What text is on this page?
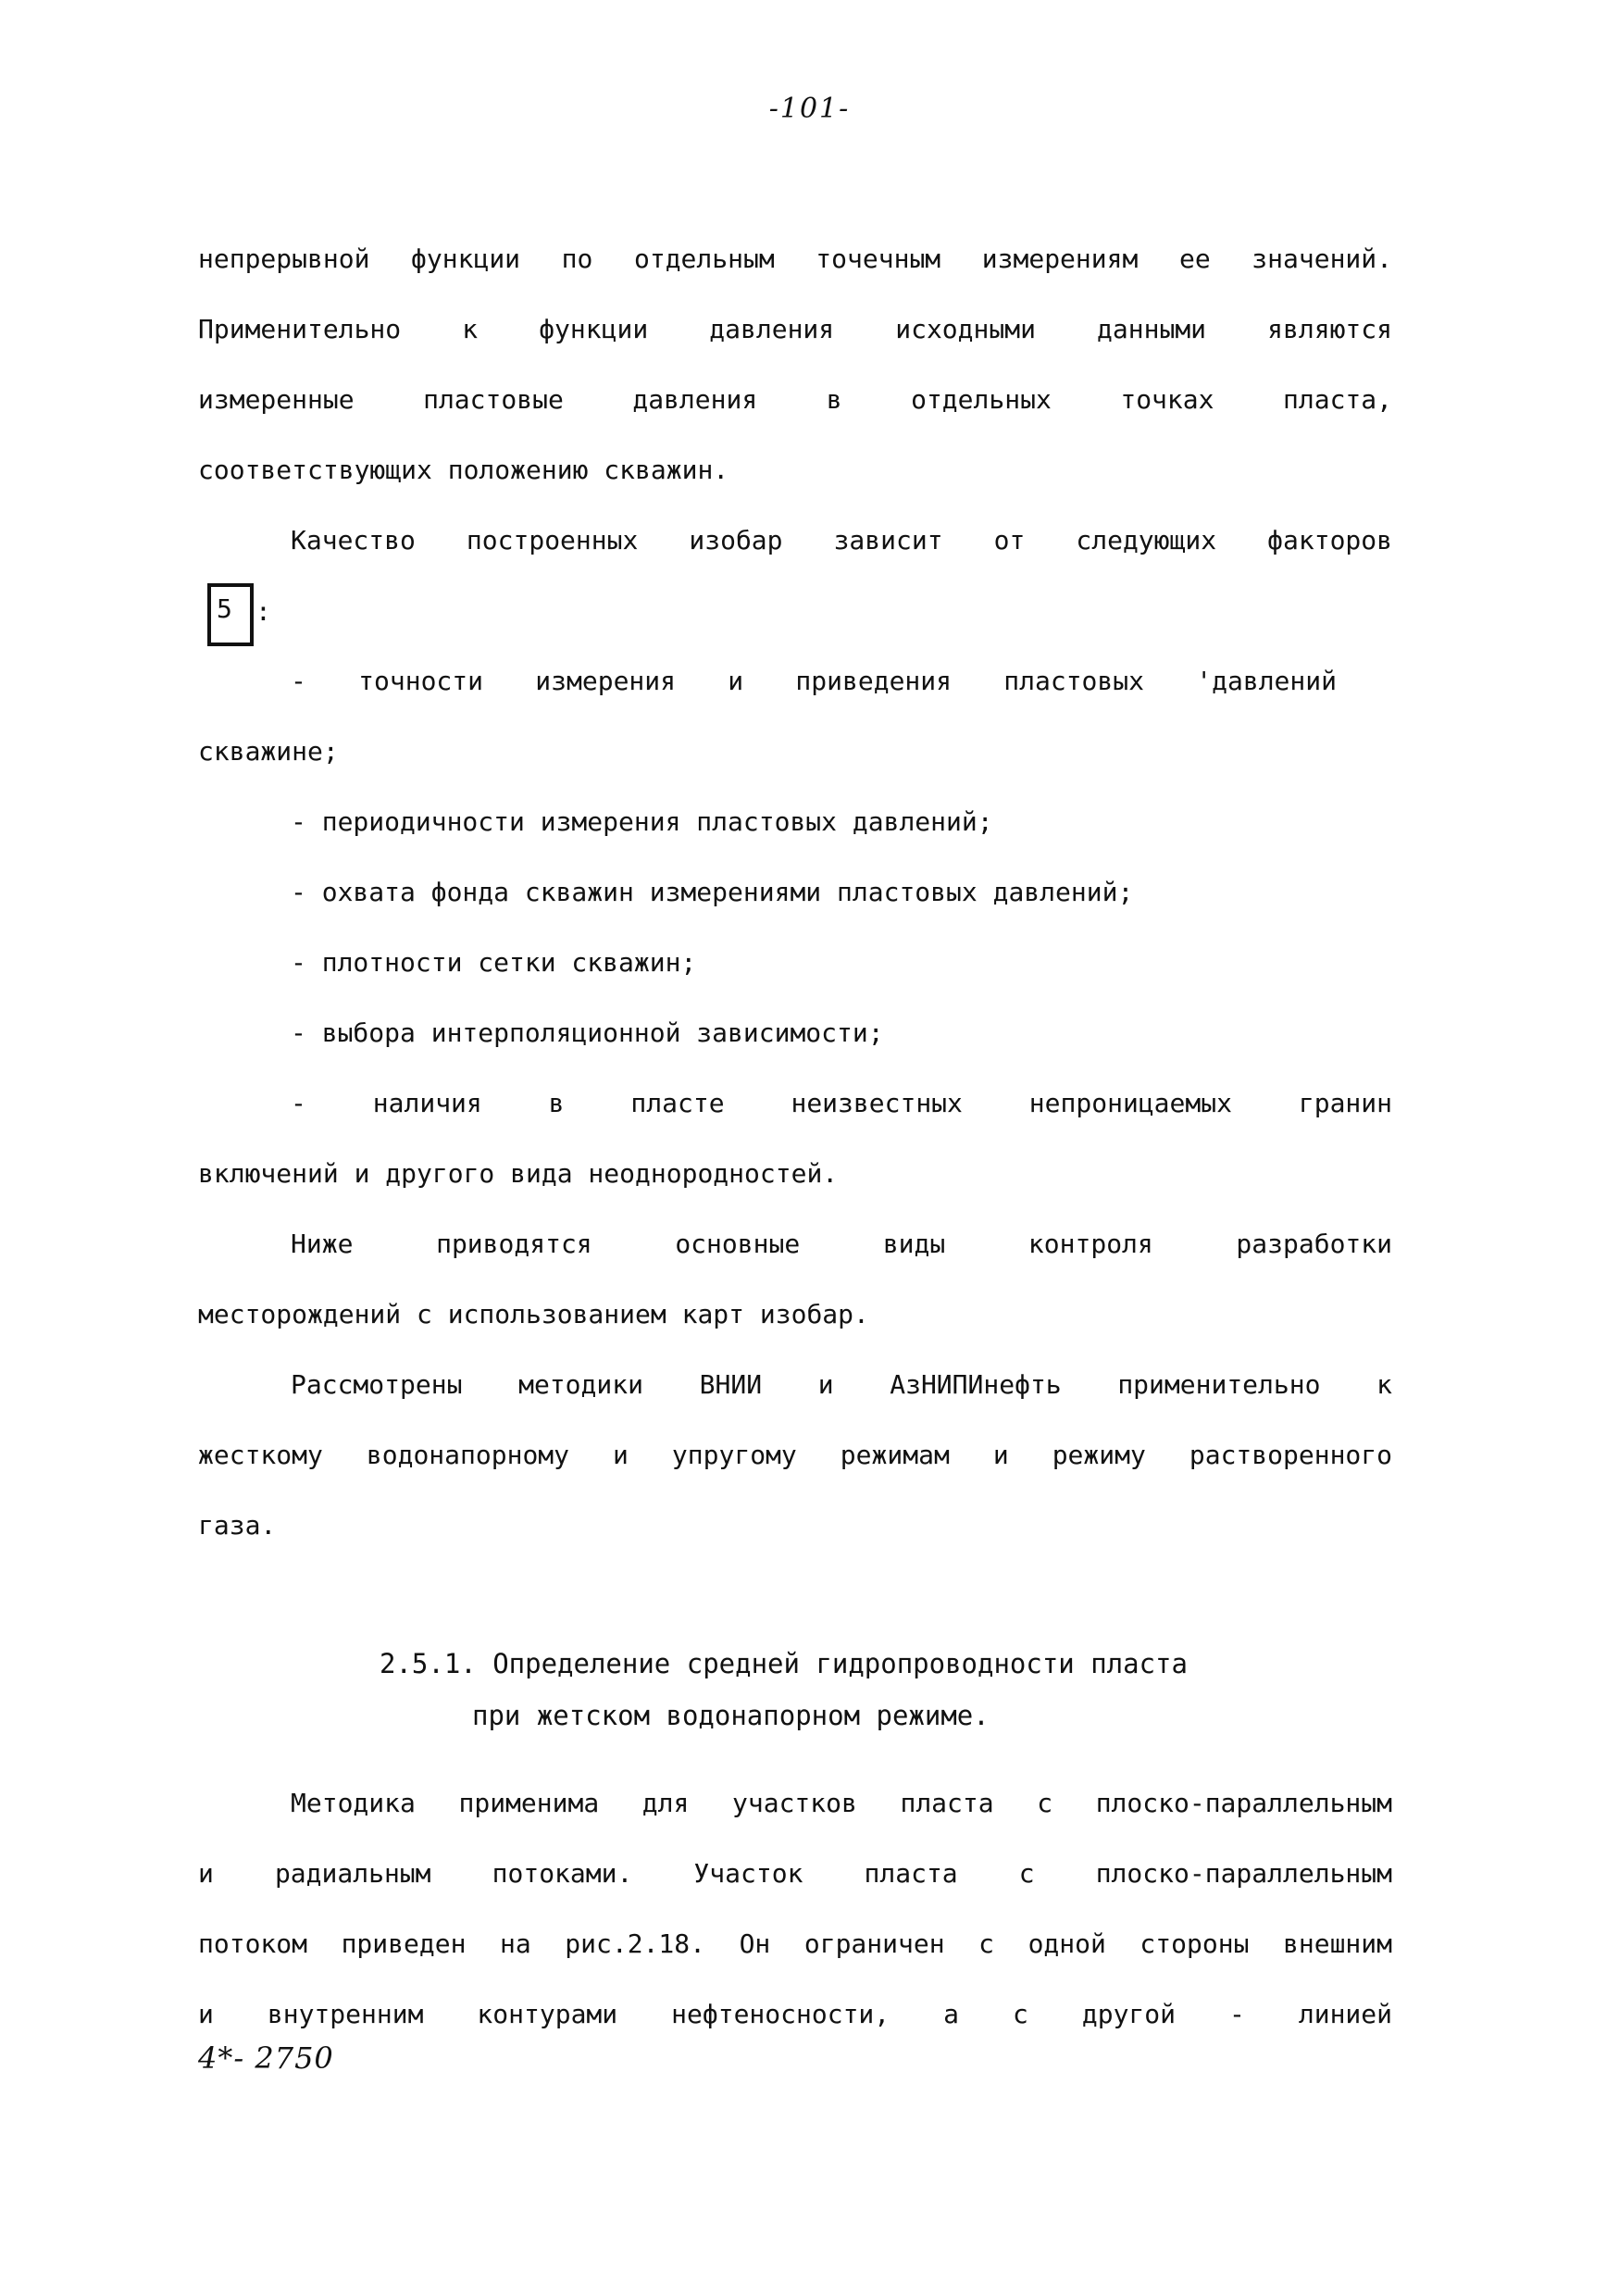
-101-
непрерывной функции по отдельным точечным измерениям ее значений.
Применительно к функции давления исходными данными являются
измеренные пластовые давления в отдельных точках пласта,
соответствующих положению скважин.
Качество построенных изобар зависит от следующих факторов
5 :
- точности измерения и приведения пластовых 'давлений
скважине;
- периодичности измерения пластовых давлений;
- охвата фонда скважин измерениями пластовых давлений;
- плотности сетки скважин;
- выбора интерполяционной зависимости;
- наличия в пласте неизвестных непроницаемых гранин
включений и другого вида неоднородностей.
Ниже приводятся основные виды контроля разработки
месторождений с использованием карт изобар.
Рассмотрены методики ВНИИ и АзНИПИнефть применительно к
жесткому водонапорному и упругому режимам и режиму растворенного
газа.
2.5.1. Определение средней гидропроводности пласта
при жетском водонапорном режиме.
Методика применима для участков пласта с плоско-параллельным
и радиальным потоками. Участок пласта с плоско-параллельным
потоком приведен на рис.2.18. Он ограничен с одной стороны внешним
и внутренним контурами нефтеносности, а с другой - линией
4*- 2750
